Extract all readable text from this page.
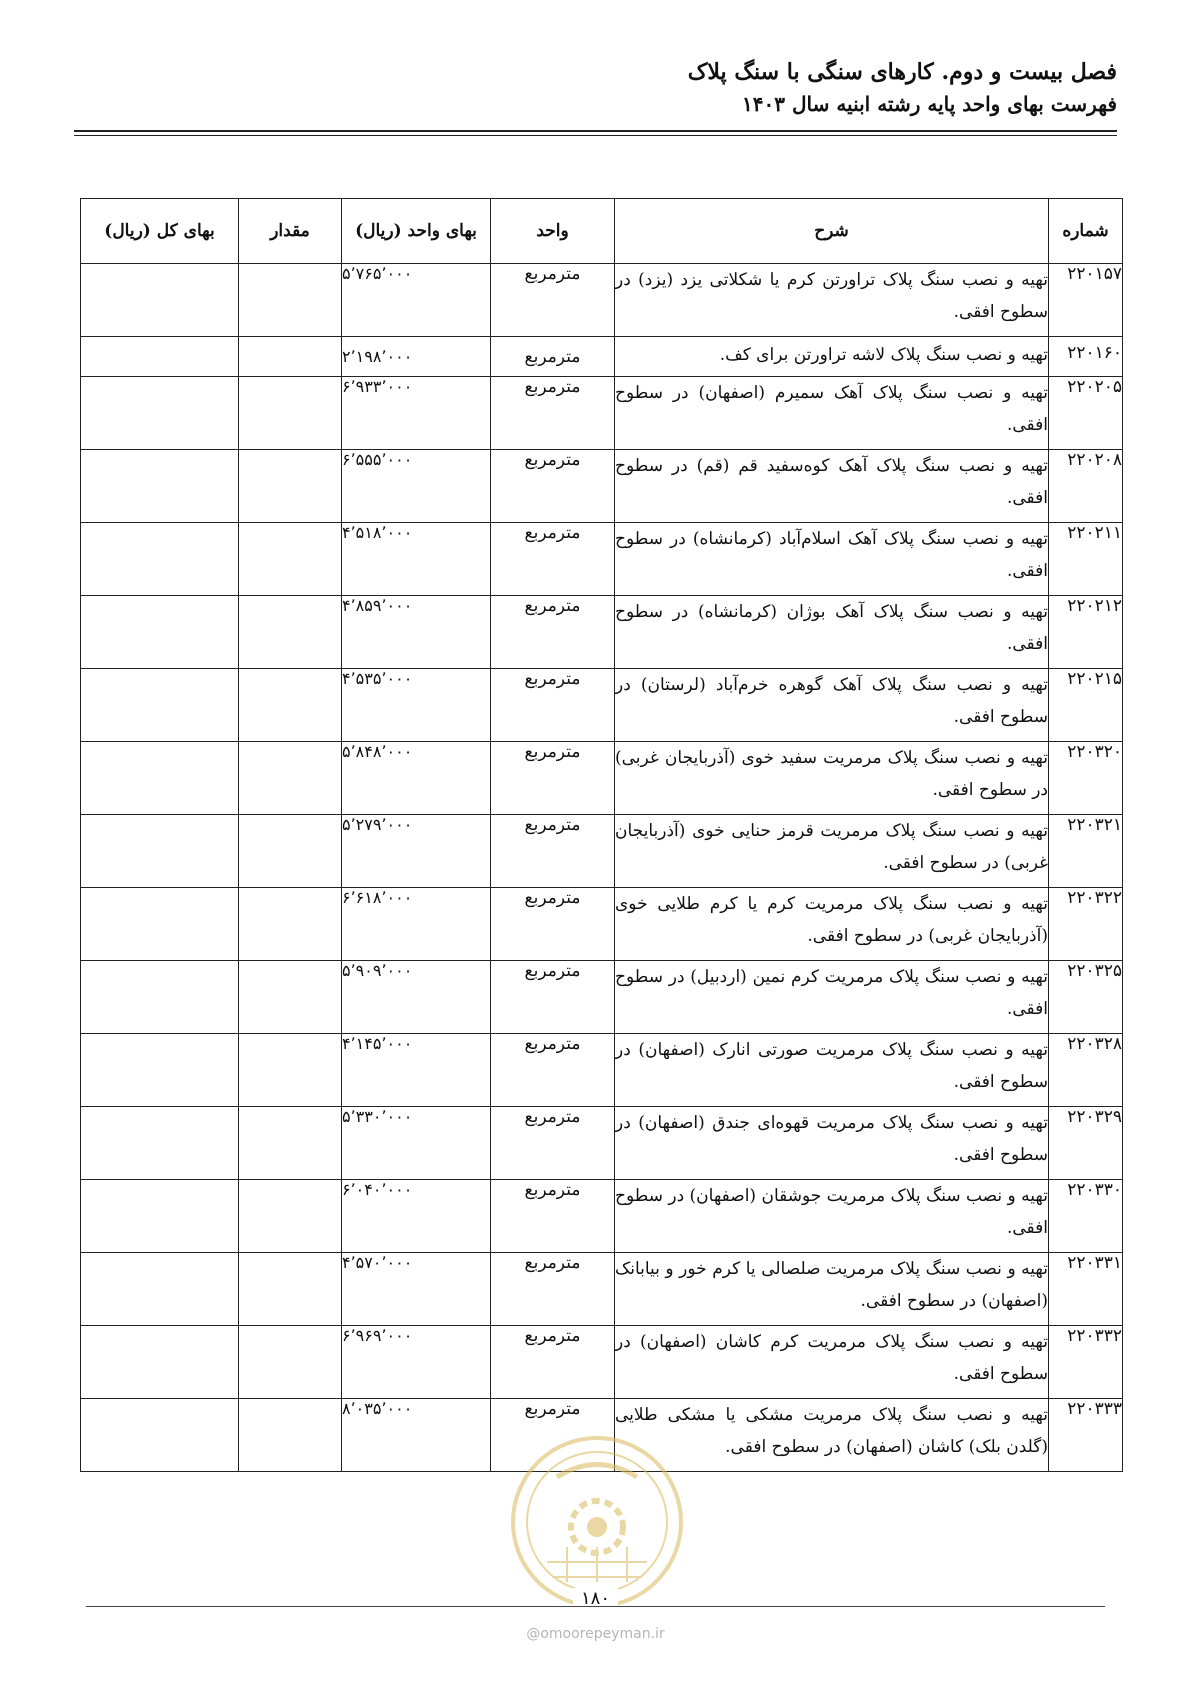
فصل بیست و دوم. کارهای سنگی با سنگ پلاک
فهرست بهای واحد پایه رشته ابنیه سال ۱۴۰۳
شماره	شرح	واحد	بهای واحد (ریال)	مقدار	بهای کل (ریال)
۲۲۰۱۵۷	تهیه و نصب سنگ پلاک تراورتن کرم یا شکلاتی یزد (یزد) در سطوح افقی.	مترمربع	۵٬۷۶۵٬۰۰۰		
۲۲۰۱۶۰	تهیه و نصب سنگ پلاک لاشه تراورتن برای کف.	مترمربع	۲٬۱۹۸٬۰۰۰		
۲۲۰۲۰۵	تهیه و نصب سنگ پلاک آهک سمیرم (اصفهان) در سطوح افقی.	مترمربع	۶٬۹۳۳٬۰۰۰		
۲۲۰۲۰۸	تهیه و نصب سنگ پلاک آهک کوه‌سفید قم (قم) در سطوح افقی.	مترمربع	۶٬۵۵۵٬۰۰۰		
۲۲۰۲۱۱	تهیه و نصب سنگ پلاک آهک اسلام‌آباد (کرمانشاه) در سطوح افقی.	مترمربع	۴٬۵۱۸٬۰۰۰		
۲۲۰۲۱۲	تهیه و نصب سنگ پلاک آهک بوژان (کرمانشاه) در سطوح افقی.	مترمربع	۴٬۸۵۹٬۰۰۰		
۲۲۰۲۱۵	تهیه و نصب سنگ پلاک آهک گوهره خرم‌آباد (لرستان) در سطوح افقی.	مترمربع	۴٬۵۳۵٬۰۰۰		
۲۲۰۳۲۰	تهیه و نصب سنگ پلاک مرمریت سفید خوی (آذربایجان غربی) در سطوح افقی.	مترمربع	۵٬۸۴۸٬۰۰۰		
۲۲۰۳۲۱	تهیه و نصب سنگ پلاک مرمریت قرمز حنایی خوی (آذربایجان غربی) در سطوح افقی.	مترمربع	۵٬۲۷۹٬۰۰۰		
۲۲۰۳۲۲	تهیه و نصب سنگ پلاک مرمریت کرم یا کرم طلایی خوی (آذربایجان غربی) در سطوح افقی.	مترمربع	۶٬۶۱۸٬۰۰۰		
۲۲۰۳۲۵	تهیه و نصب سنگ پلاک مرمریت کرم نمین (اردبیل) در سطوح افقی.	مترمربع	۵٬۹۰۹٬۰۰۰		
۲۲۰۳۲۸	تهیه و نصب سنگ پلاک مرمریت صورتی انارک (اصفهان) در سطوح افقی.	مترمربع	۴٬۱۴۵٬۰۰۰		
۲۲۰۳۲۹	تهیه و نصب سنگ پلاک مرمریت قهوه‌ای جندق (اصفهان) در سطوح افقی.	مترمربع	۵٬۳۳۰٬۰۰۰		
۲۲۰۳۳۰	تهیه و نصب سنگ پلاک مرمریت جوشقان (اصفهان) در سطوح افقی.	مترمربع	۶٬۰۴۰٬۰۰۰		
۲۲۰۳۳۱	تهیه و نصب سنگ پلاک مرمریت صلصالی یا کرم خور و بیابانک (اصفهان) در سطوح افقی.	مترمربع	۴٬۵۷۰٬۰۰۰		
۲۲۰۳۳۲	تهیه و نصب سنگ پلاک مرمریت کرم کاشان (اصفهان) در سطوح افقی.	مترمربع	۶٬۹۶۹٬۰۰۰		
۲۲۰۳۳۳	تهیه و نصب سنگ پلاک مرمریت مشکی یا مشکی طلایی (گلدن بلک) کاشان (اصفهان) در سطوح افقی.	مترمربع	۸٬۰۳۵٬۰۰۰		
۱۸۰
@omoorepeyman.ir
